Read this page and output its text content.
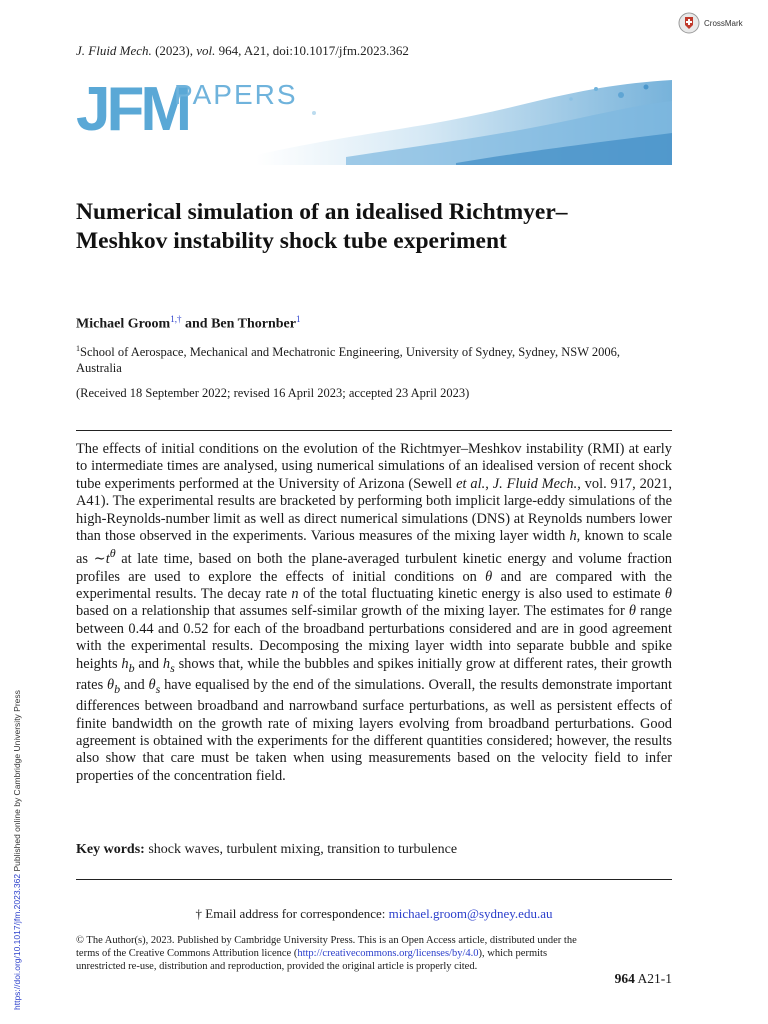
J. Fluid Mech. (2023), vol. 964, A21, doi:10.1017/jfm.2023.362
CrossMark
JFM
PAPERS
Numerical simulation of an idealised Richtmyer–Meshkov instability shock tube experiment
Michael Groom$^{1,\dagger}$ and Ben Thornber$^1$
$^1$School of Aerospace, Mechanical and Mechatronic Engineering, University of Sydney, Sydney, NSW 2006, Australia
(Received 18 September 2022; revised 16 April 2023; accepted 23 April 2023)
The effects of initial conditions on the evolution of the Richtmyer–Meshkov instability (RMI) at early to intermediate times are analysed, using numerical simulations of an idealised version of recent shock tube experiments performed at the University of Arizona (Sewell et al., J. Fluid Mech., vol. 917, 2021, A41). The experimental results are bracketed by performing both implicit large-eddy simulations of the high-Reynolds-number limit as well as direct numerical simulations (DNS) at Reynolds numbers lower than those observed in the experiments. Various measures of the mixing layer width h, known to scale as $\sim t^\theta$ at late time, based on both the plane-averaged turbulent kinetic energy and volume fraction profiles are used to explore the effects of initial conditions on θ and are compared with the experimental results. The decay rate n of the total fluctuating kinetic energy is also used to estimate θ based on a relationship that assumes self-similar growth of the mixing layer. The estimates for θ range between 0.44 and 0.52 for each of the broadband perturbations considered and are in good agreement with the experimental results. Decomposing the mixing layer width into separate bubble and spike heights $h_b$ and $h_s$ shows that, while the bubbles and spikes initially grow at different rates, their growth rates $\theta_b$ and $\theta_s$ have equalised by the end of the simulations. Overall, the results demonstrate important differences between broadband and narrowband surface perturbations, as well as persistent effects of finite bandwidth on the growth rate of mixing layers evolving from broadband perturbations. Good agreement is obtained with the experiments for the different quantities considered; however, the results also show that care must be taken when using measurements based on the velocity field to infer properties of the concentration field.
Key words: shock waves, turbulent mixing, transition to turbulence
† Email address for correspondence: michael.groom@sydney.edu.au
© The Author(s), 2023. Published by Cambridge University Press. This is an Open Access article, distributed under the terms of the Creative Commons Attribution licence (http://creativecommons.org/licenses/by/4.0), which permits unrestricted re-use, distribution and reproduction, provided the original article is properly cited.
964 A21-1
https://doi.org/10.1017/jfm.2023.362 Published online by Cambridge University Press
